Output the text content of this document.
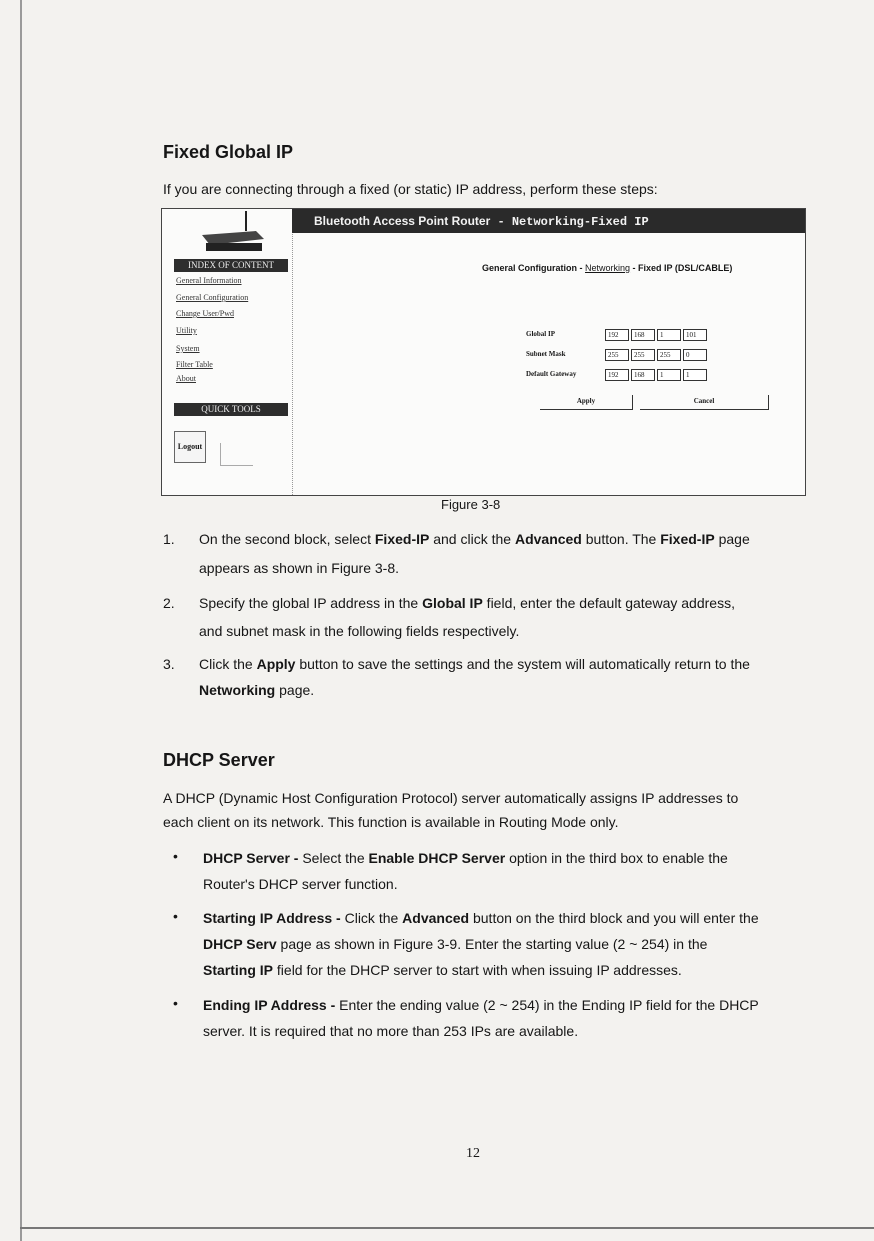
Fixed Global IP
If you are connecting through a fixed (or static) IP address, perform these steps:
INDEX OF CONTENT
General Information
General Configuration
Change User/Pwd
Utility
System
Filter Table
About
QUICK TOOLS
Logout
Bluetooth Access Point Router - Networking-Fixed IP
General Configuration - Networking - Fixed IP (DSL/CABLE)
Global IP	192	168	1	101
Subnet Mask	255	255	255	0
Default Gateway	192	168	1	1
Apply	Cancel
Figure 3-8
1. On the second block, select Fixed-IP and click the Advanced button. The Fixed-IP page
appears as shown in Figure 3-8.
2. Specify the global IP address in the Global IP field, enter the default gateway address,
and subnet mask in the following fields respectively.
3. Click the Apply button to save the settings and the system will automatically return to the
Networking page.
DHCP Server
A DHCP (Dynamic Host Configuration Protocol) server automatically assigns IP addresses to
each client on its network. This function is available in Routing Mode only.
• DHCP Server - Select the Enable DHCP Server option in the third box to enable the
Router's DHCP server function.
• Starting IP Address - Click the Advanced button on the third block and you will enter the
DHCP Serv page as shown in Figure 3-9. Enter the starting value (2 ~ 254) in the
Starting IP field for the DHCP server to start with when issuing IP addresses.
• Ending IP Address - Enter the ending value (2 ~ 254) in the Ending IP field for the DHCP
server. It is required that no more than 253 IPs are available.
12
